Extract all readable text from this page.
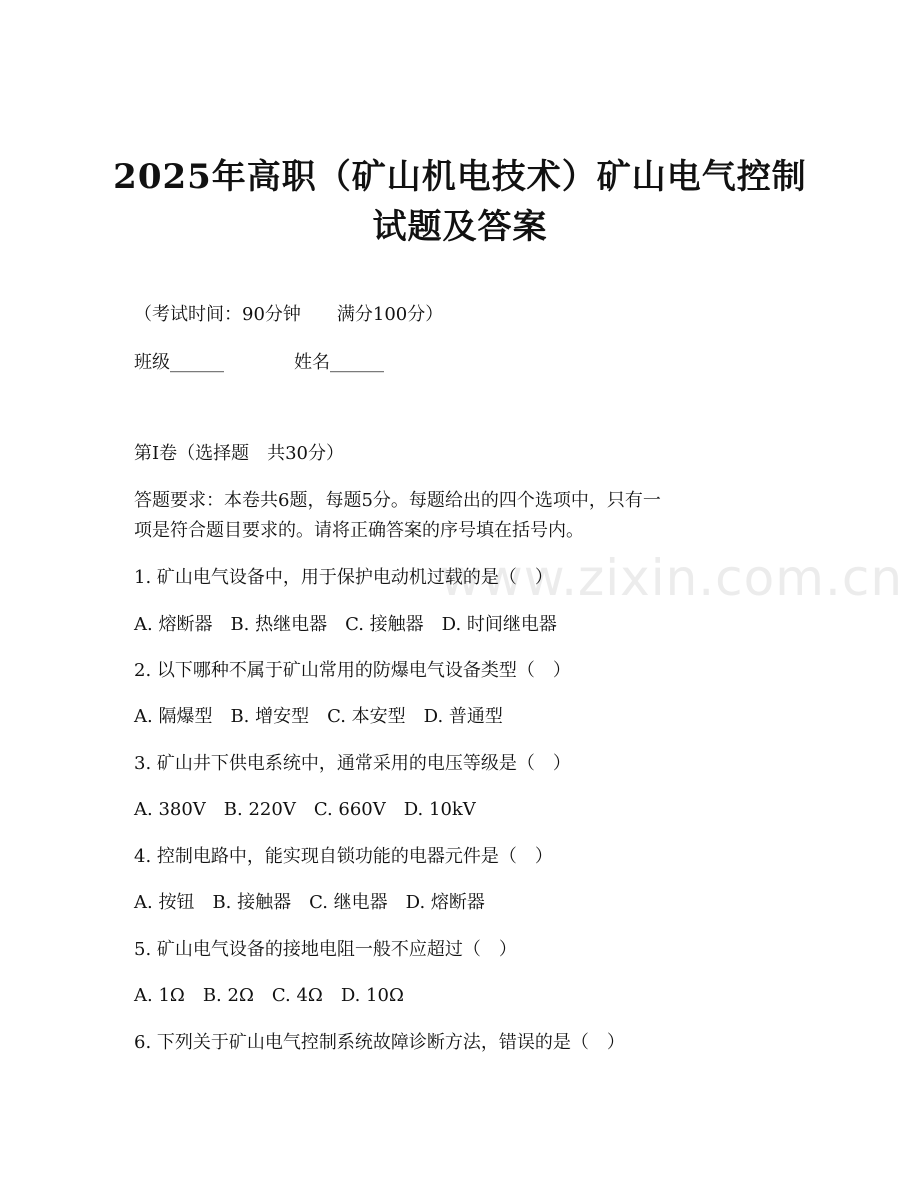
www.zixin.com.cn
2025年高职（矿山机电技术）矿山电气控制
试题及答案
（考试时间：90分钟　　满分100分）
班级______	姓名______
第Ⅰ卷（选择题　共30分）
答题要求：本卷共6题，每题5分。每题给出的四个选项中，只有一
项是符合题目要求的。请将正确答案的序号填在括号内。
1. 矿山电气设备中，用于保护电动机过载的是（　）
A. 熔断器　B. 热继电器　C. 接触器　D. 时间继电器
2. 以下哪种不属于矿山常用的防爆电气设备类型（　）
A. 隔爆型　B. 增安型　C. 本安型　D. 普通型
3. 矿山井下供电系统中，通常采用的电压等级是（　）
A. 380V　B. 220V　C. 660V　D. 10kV
4. 控制电路中，能实现自锁功能的电器元件是（　）
A. 按钮　B. 接触器　C. 继电器　D. 熔断器
5. 矿山电气设备的接地电阻一般不应超过（　）
A. 1Ω　B. 2Ω　C. 4Ω　D. 10Ω
6. 下列关于矿山电气控制系统故障诊断方法，错误的是（　）
